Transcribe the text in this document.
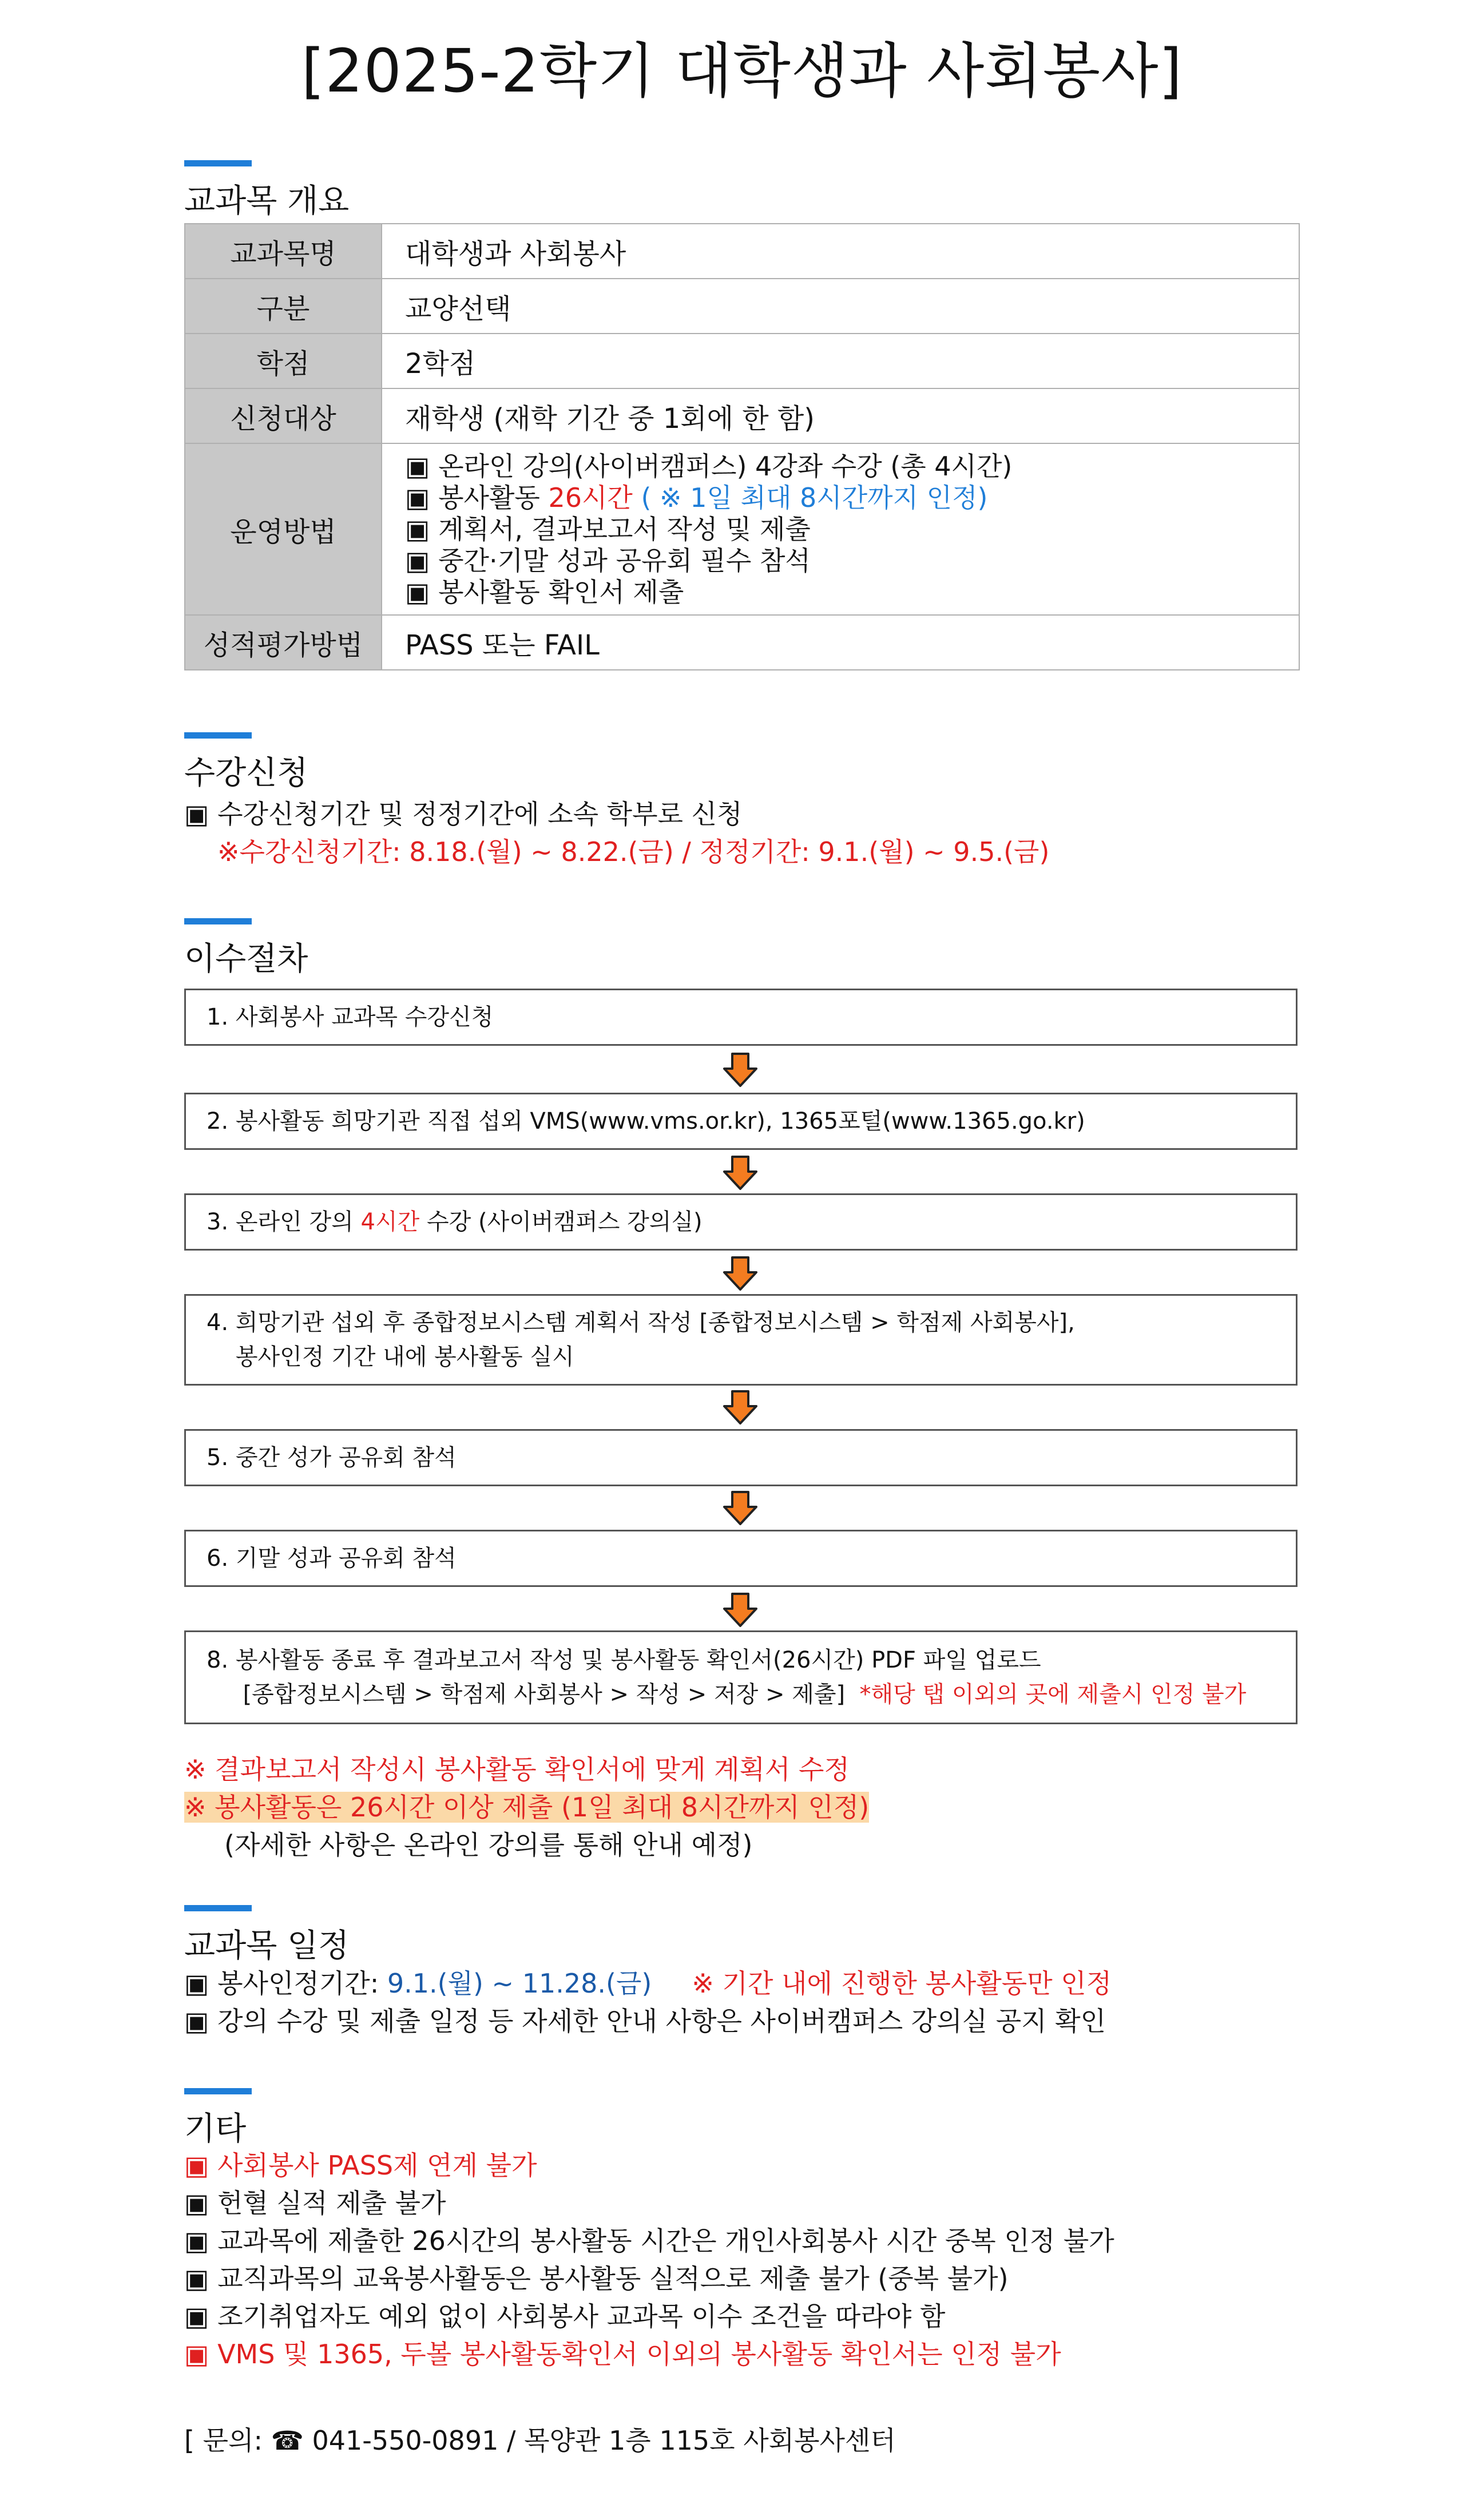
[2025-2학기 대학생과 사회봉사]
교과목 개요
교과목명	대학생과 사회봉사
구분	교양선택
학점	2학점
신청대상	재학생 (재학 기간 중 1회에 한 함)
운영방법	▣ 온라인 강의(사이버캠퍼스) 4강좌 수강 (총 4시간)
▣ 봉사활동 26시간 ( ※ 1일 최대 8시간까지 인정)
▣ 계획서, 결과보고서 작성 및 제출
▣ 중간·기말 성과 공유회 필수 참석
▣ 봉사활동 확인서 제출

성적평가방법	PASS 또는 FAIL
수강신청
▣ 수강신청기간 및 정정기간에 소속 학부로 신청
※수강신청기간: 8.18.(월) ~ 8.22.(금) / 정정기간: 9.1.(월) ~ 9.5.(금)
이수절차
1. 사회봉사 교과목 수강신청
2. 봉사활동 희망기관 직접 섭외 VMS(www.vms.or.kr), 1365포털(www.1365.go.kr)
3. 온라인 강의 4시간 수강 (사이버캠퍼스 강의실)
4. 희망기관 섭외 후 종합정보시스템 계획서 작성 [종합정보시스템 > 학점제 사회봉사],
봉사인정 기간 내에 봉사활동 실시
5. 중간 성가 공유회 참석
6. 기말 성과 공유회 참석
8. 봉사활동 종료 후 결과보고서 작성 및 봉사활동 확인서(26시간) PDF 파일 업로드
[종합정보시스템 > 학점제 사회봉사 > 작성 > 저장 > 제출]  *해당 탭 이외의 곳에 제출시 인정 불가
※ 결과보고서 작성시 봉사활동 확인서에 맞게 계획서 수정
※ 봉사활동은 26시간 이상 제출 (1일 최대 8시간까지 인정)
(자세한 사항은 온라인 강의를 통해 안내 예정)
교과목 일정
▣ 봉사인정기간: 9.1.(월) ~ 11.28.(금) ※ 기간 내에 진행한 봉사활동만 인정
▣ 강의 수강 및 제출 일정 등 자세한 안내 사항은 사이버캠퍼스 강의실 공지 확인
기타
▣ 사회봉사 PASS제 연계 불가
▣ 헌혈 실적 제출 불가
▣ 교과목에 제출한 26시간의 봉사활동 시간은 개인사회봉사 시간 중복 인정 불가
▣ 교직과목의 교육봉사활동은 봉사활동 실적으로 제출 불가 (중복 불가)
▣ 조기취업자도 예외 없이 사회봉사 교과목 이수 조건을 따라야 함
▣ VMS 및 1365, 두볼 봉사활동확인서 이외의 봉사활동 확인서는 인정 불가
[ 문의: ☎ 041-550-0891 / 목양관 1층 115호 사회봉사센터
